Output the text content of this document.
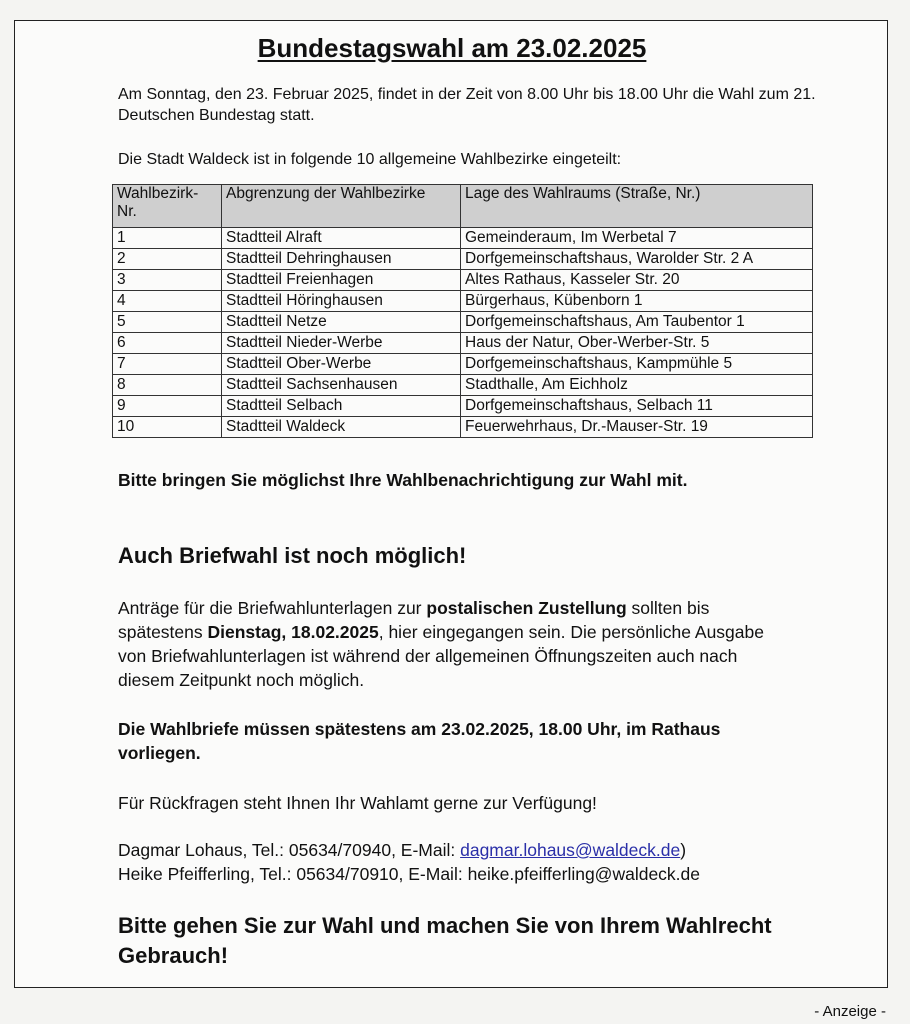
Bundestagswahl am 23.02.2025
Am Sonntag, den 23. Februar 2025, findet in der Zeit von 8.00 Uhr bis 18.00 Uhr die Wahl zum 21. Deutschen Bundestag statt.
Die Stadt Waldeck ist in folgende 10 allgemeine Wahlbezirke eingeteilt:
Wahlbezirk-Nr.	Abgrenzung der Wahlbezirke	Lage des Wahlraums (Straße, Nr.)
1	Stadtteil Alraft	Gemeinderaum, Im Werbetal 7
2	Stadtteil Dehringhausen	Dorfgemeinschaftshaus, Warolder Str. 2 A
3	Stadtteil Freienhagen	Altes Rathaus, Kasseler Str. 20
4	Stadtteil Höringhausen	Bürgerhaus, Kübenborn 1
5	Stadtteil Netze	Dorfgemeinschaftshaus, Am Taubentor 1
6	Stadtteil Nieder-Werbe	Haus der Natur, Ober-Werber-Str. 5
7	Stadtteil Ober-Werbe	Dorfgemeinschaftshaus, Kampmühle 5
8	Stadtteil Sachsenhausen	Stadthalle, Am Eichholz
9	Stadtteil Selbach	Dorfgemeinschaftshaus, Selbach 11
10	Stadtteil Waldeck	Feuerwehrhaus, Dr.-Mauser-Str. 19
Bitte bringen Sie möglichst Ihre Wahlbenachrichtigung zur Wahl mit.
Auch Briefwahl ist noch möglich!
Anträge für die Briefwahlunterlagen zur postalischen Zustellung sollten bis spätestens Dienstag, 18.02.2025, hier eingegangen sein. Die persönliche Ausgabe von Briefwahlunterlagen ist während der allgemeinen Öffnungszeiten auch nach diesem Zeitpunkt noch möglich.
Die Wahlbriefe müssen spätestens am 23.02.2025, 18.00 Uhr, im Rathaus vorliegen.
Für Rückfragen steht Ihnen Ihr Wahlamt gerne zur Verfügung!
Dagmar Lohaus, Tel.: 05634/70940, E-Mail: dagmar.lohaus@waldeck.de)
Heike Pfeifferling, Tel.: 05634/70910, E-Mail: heike.pfeifferling@waldeck.de
Bitte gehen Sie zur Wahl und machen Sie von Ihrem Wahlrecht Gebrauch!
- Anzeige -
